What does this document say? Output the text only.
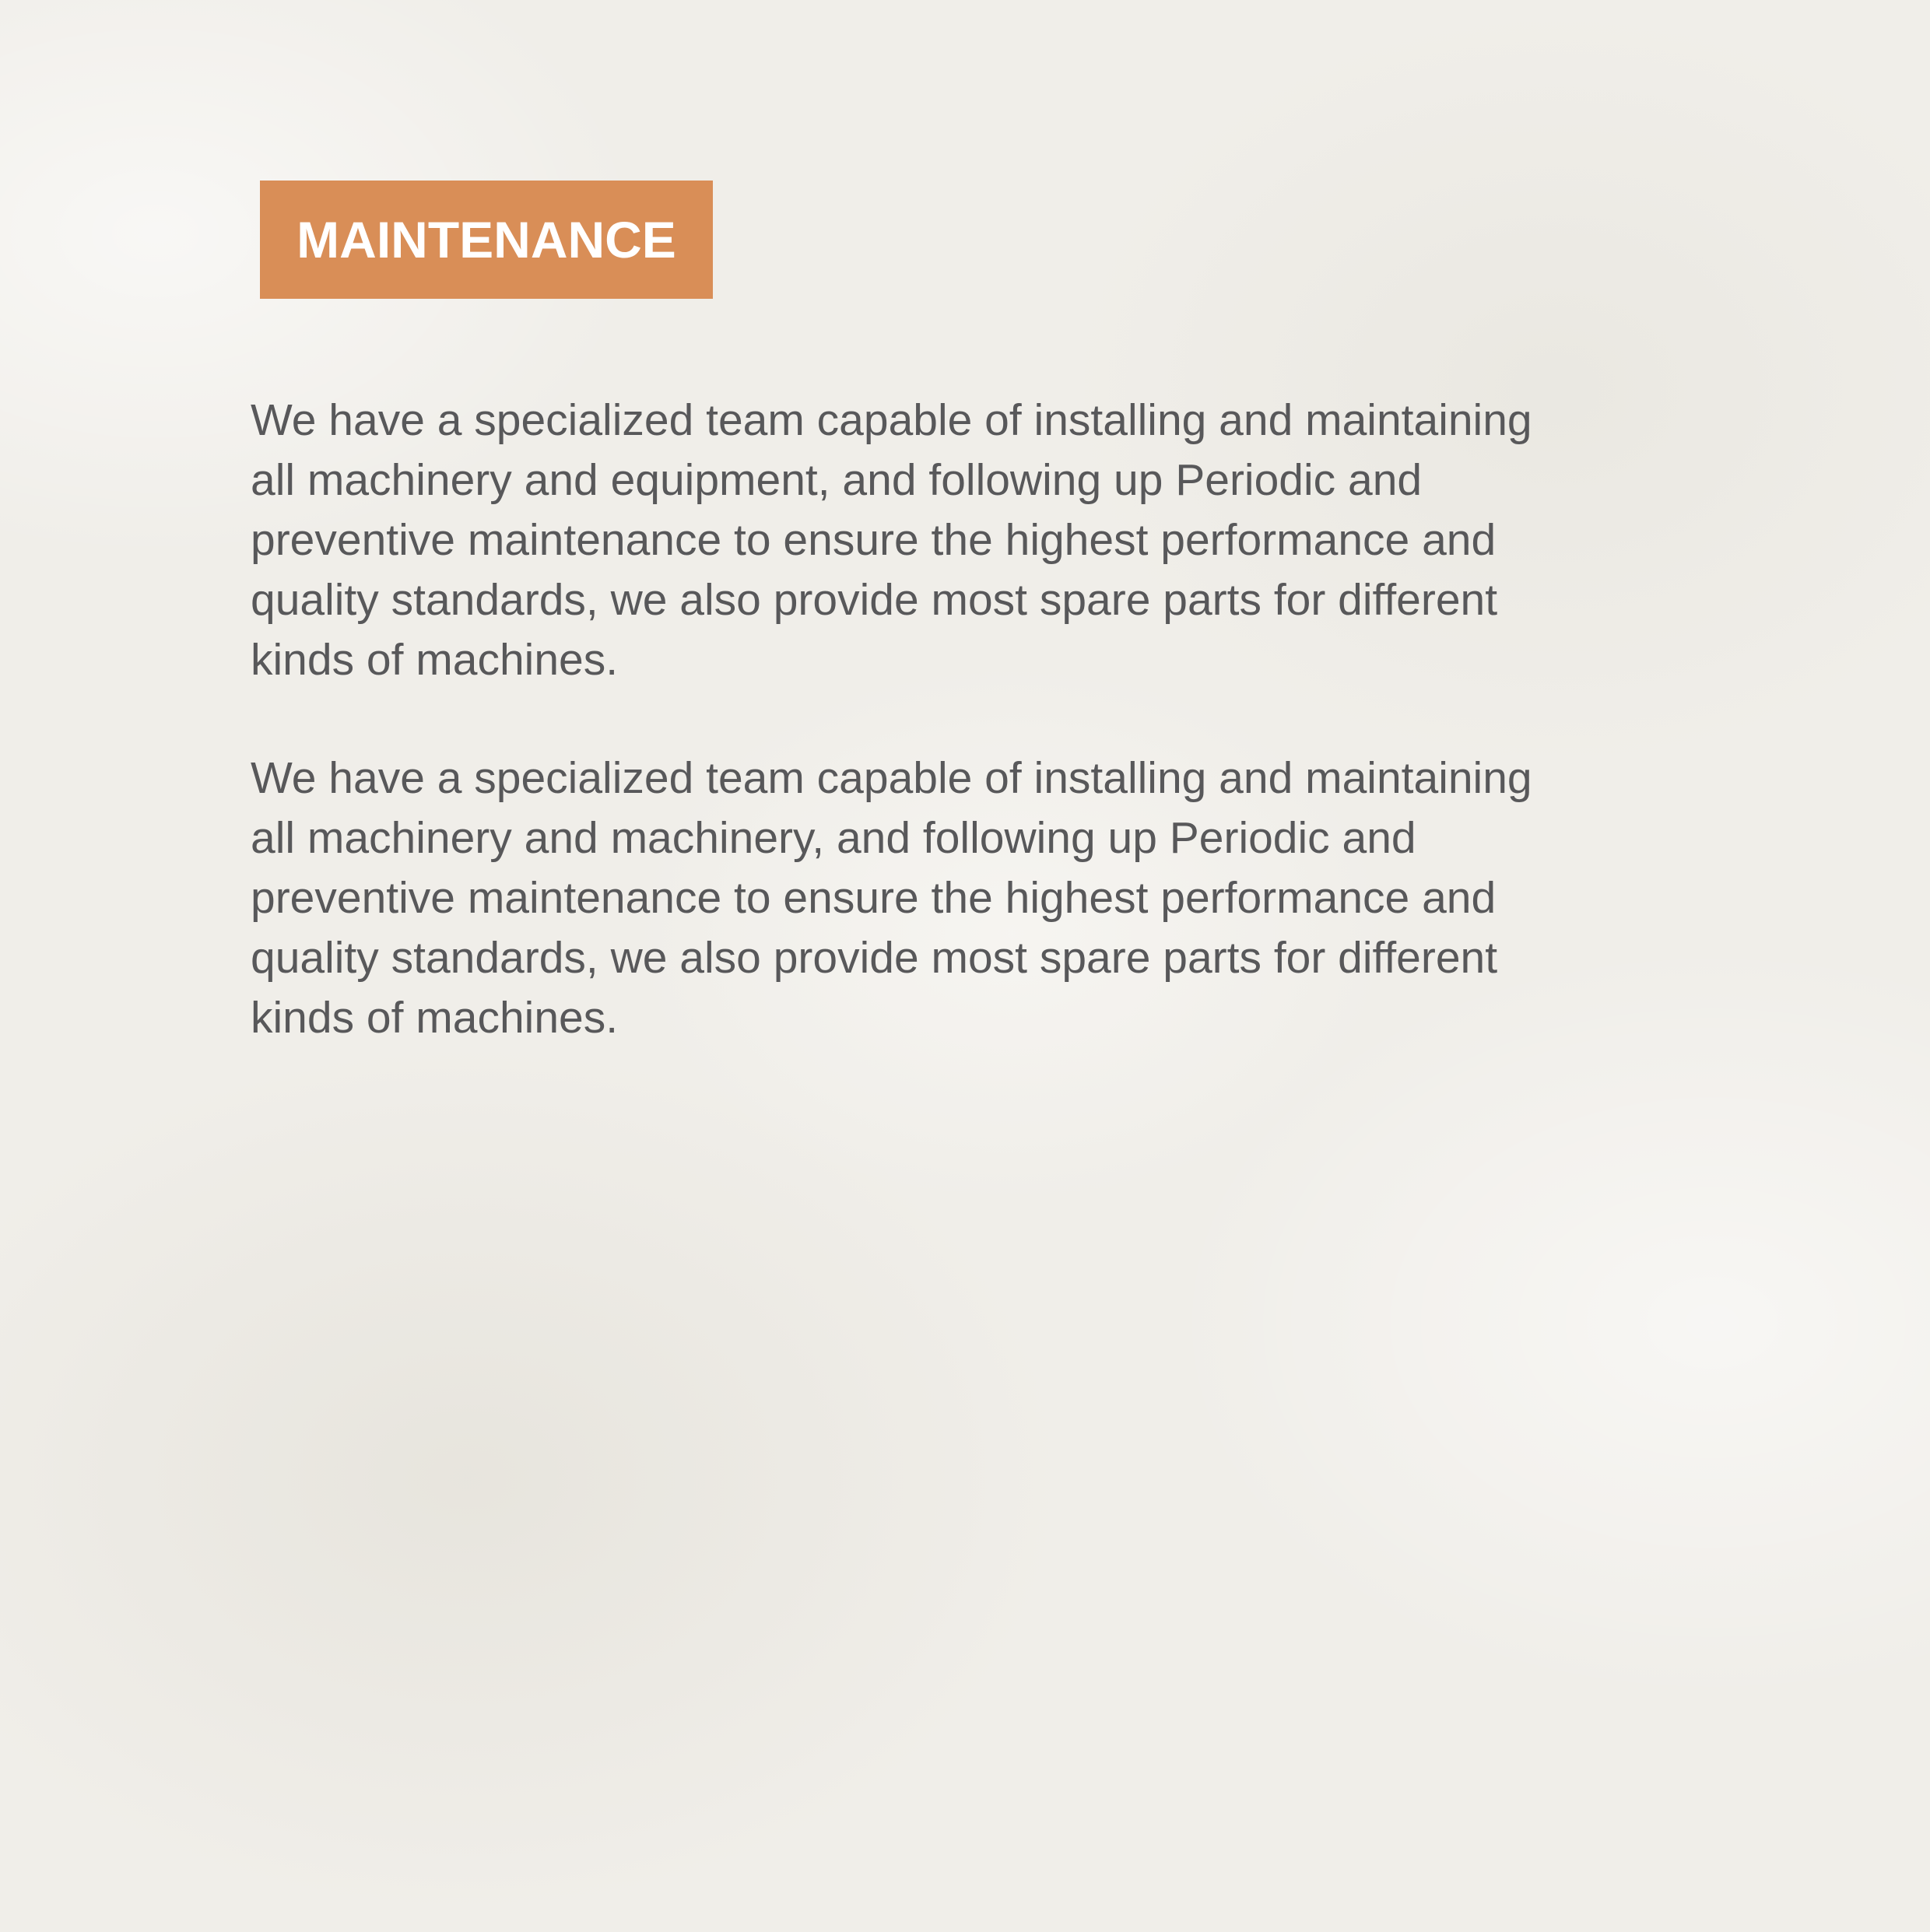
MAINTENANCE
We have a specialized team capable of installing and maintaining
all machinery and equipment, and following up Periodic and
preventive maintenance to ensure the highest performance and
quality standards, we also provide most spare parts for different
kinds of machines.
We have a specialized team capable of installing and maintaining
all machinery and machinery, and following up Periodic and
preventive maintenance to ensure the highest performance and
quality standards, we also provide most spare parts for different
kinds of machines.
